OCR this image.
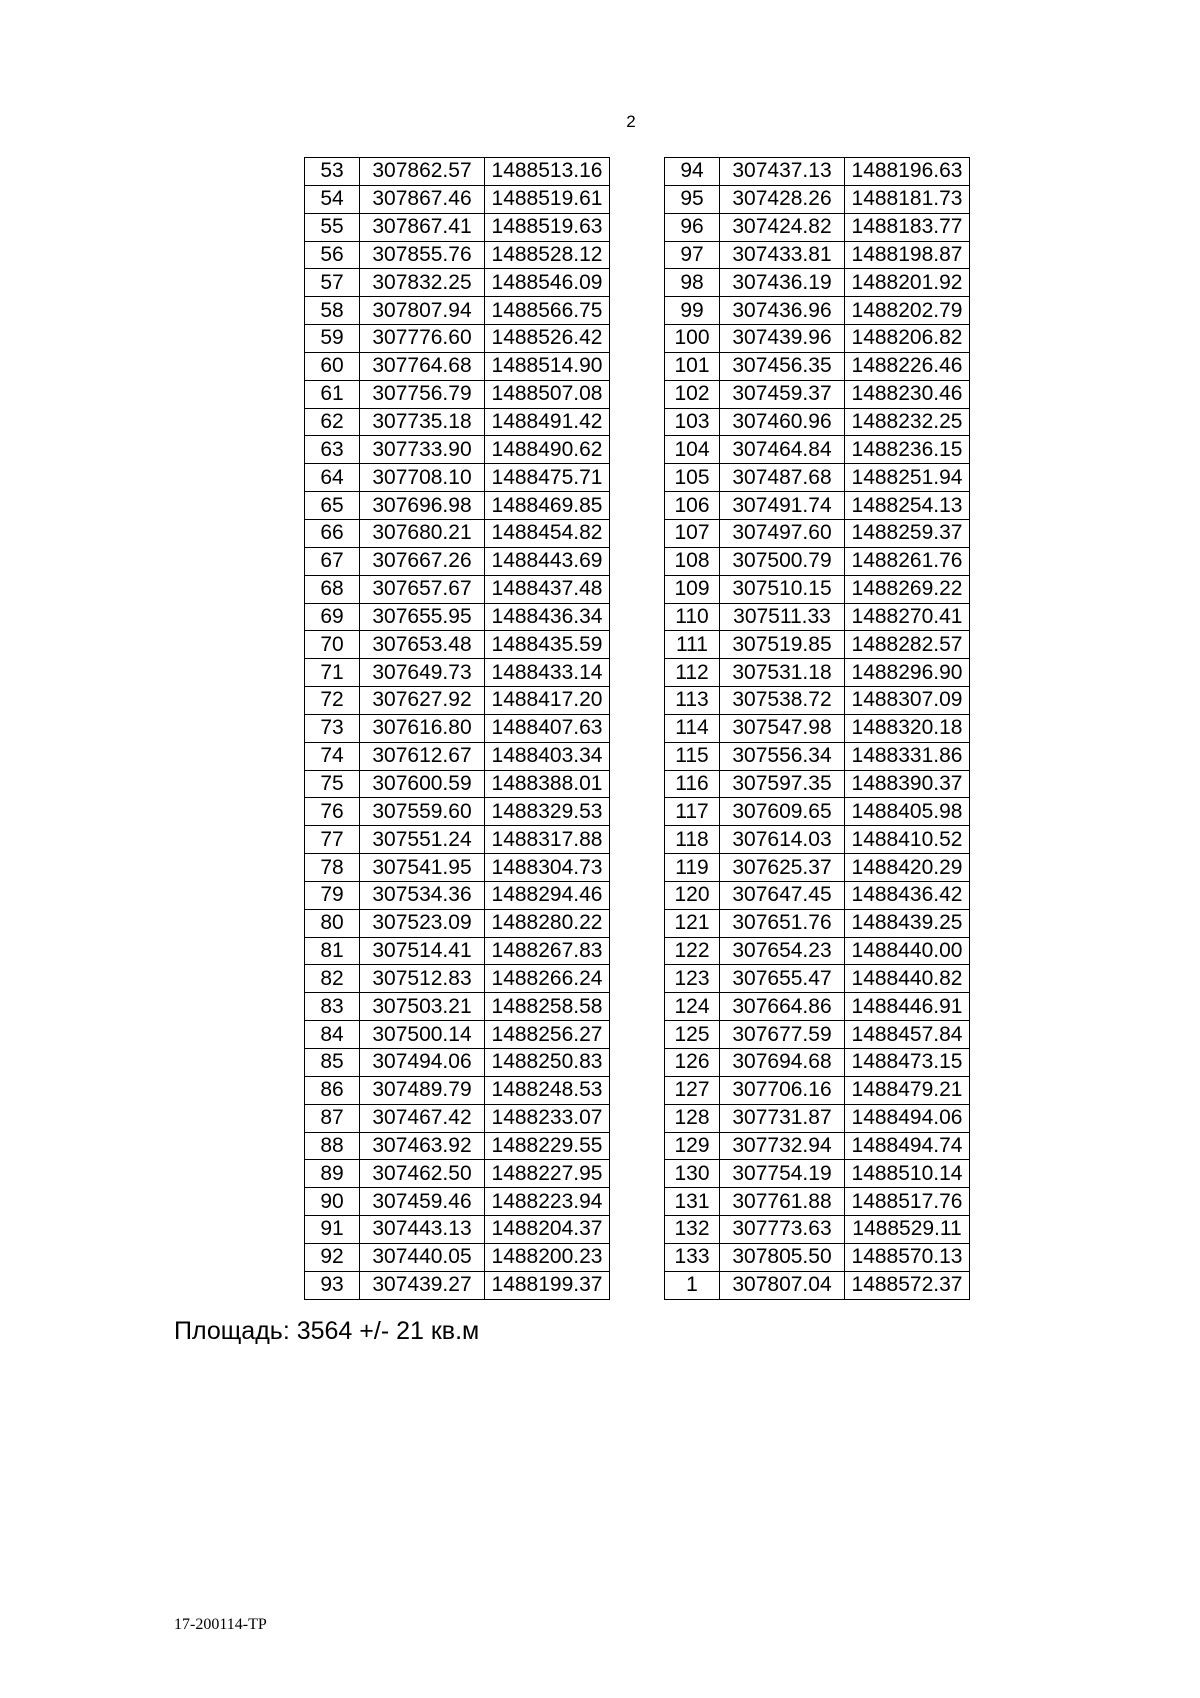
2
53	307862.57	1488513.16
54	307867.46	1488519.61
55	307867.41	1488519.63
56	307855.76	1488528.12
57	307832.25	1488546.09
58	307807.94	1488566.75
59	307776.60	1488526.42
60	307764.68	1488514.90
61	307756.79	1488507.08
62	307735.18	1488491.42
63	307733.90	1488490.62
64	307708.10	1488475.71
65	307696.98	1488469.85
66	307680.21	1488454.82
67	307667.26	1488443.69
68	307657.67	1488437.48
69	307655.95	1488436.34
70	307653.48	1488435.59
71	307649.73	1488433.14
72	307627.92	1488417.20
73	307616.80	1488407.63
74	307612.67	1488403.34
75	307600.59	1488388.01
76	307559.60	1488329.53
77	307551.24	1488317.88
78	307541.95	1488304.73
79	307534.36	1488294.46
80	307523.09	1488280.22
81	307514.41	1488267.83
82	307512.83	1488266.24
83	307503.21	1488258.58
84	307500.14	1488256.27
85	307494.06	1488250.83
86	307489.79	1488248.53
87	307467.42	1488233.07
88	307463.92	1488229.55
89	307462.50	1488227.95
90	307459.46	1488223.94
91	307443.13	1488204.37
92	307440.05	1488200.23
93	307439.27	1488199.37
94	307437.13	1488196.63
95	307428.26	1488181.73
96	307424.82	1488183.77
97	307433.81	1488198.87
98	307436.19	1488201.92
99	307436.96	1488202.79
100	307439.96	1488206.82
101	307456.35	1488226.46
102	307459.37	1488230.46
103	307460.96	1488232.25
104	307464.84	1488236.15
105	307487.68	1488251.94
106	307491.74	1488254.13
107	307497.60	1488259.37
108	307500.79	1488261.76
109	307510.15	1488269.22
110	307511.33	1488270.41
111	307519.85	1488282.57
112	307531.18	1488296.90
113	307538.72	1488307.09
114	307547.98	1488320.18
115	307556.34	1488331.86
116	307597.35	1488390.37
117	307609.65	1488405.98
118	307614.03	1488410.52
119	307625.37	1488420.29
120	307647.45	1488436.42
121	307651.76	1488439.25
122	307654.23	1488440.00
123	307655.47	1488440.82
124	307664.86	1488446.91
125	307677.59	1488457.84
126	307694.68	1488473.15
127	307706.16	1488479.21
128	307731.87	1488494.06
129	307732.94	1488494.74
130	307754.19	1488510.14
131	307761.88	1488517.76
132	307773.63	1488529.11
133	307805.50	1488570.13
1	307807.04	1488572.37
Площадь: 3564 +/- 21 кв.м
17-200114-ТР
